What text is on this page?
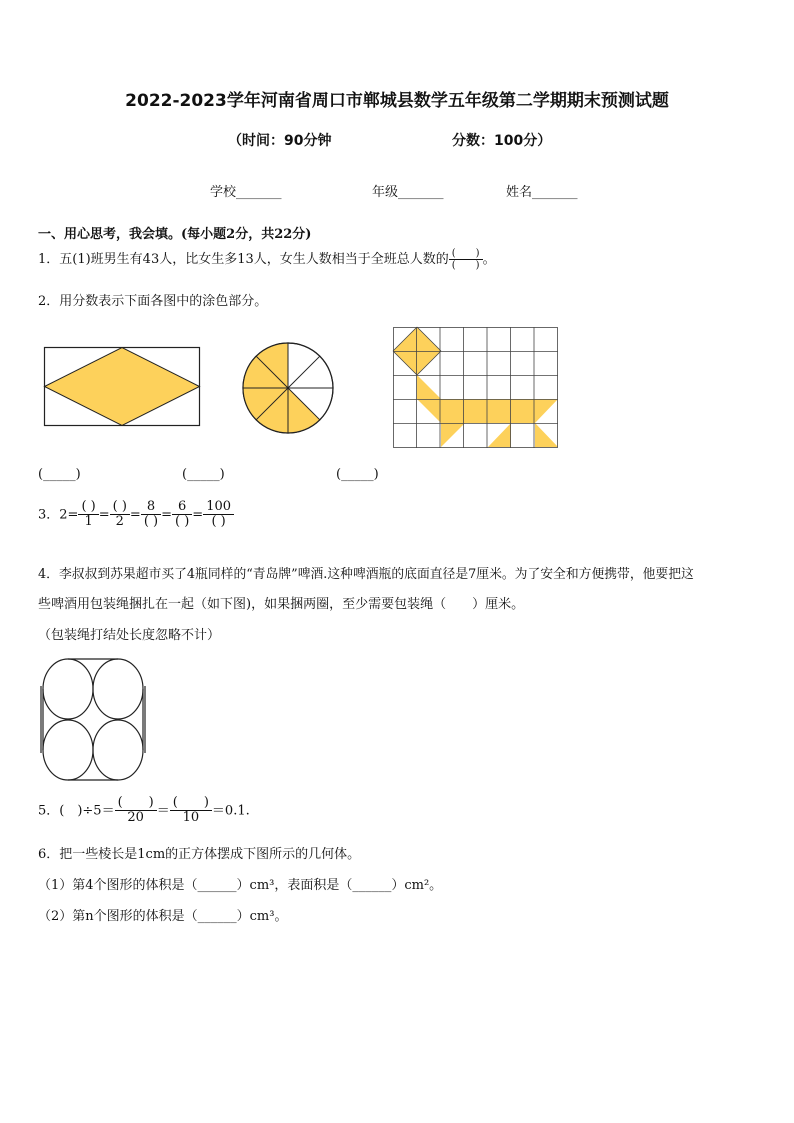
2022-2023学年河南省周口市郸城县数学五年级第二学期期末预测试题
（时间：90分钟	分数：100分）
学校_______	年级_______	姓名_______
一、用心思考，我会填。(每小题2分，共22分)
1．五(1)班男生有43人，比女生多13人，女生人数相当于全班总人数的 $\frac{( )}{( )}$ 。
2．用分数表示下面各图中的涂色部分。
(_____)	(_____)	(_____)
3．$2= \frac{( )}{1} = \frac{( )}{2} = \frac{8}{( )} = \frac{6}{( )} = \frac{100}{( )}$
4．李叔叔到苏果超市买了4瓶同样的“青岛牌”啤酒.这种啤酒瓶的底面直径是7厘米。为了安全和方便携带，他要把这
些啤酒用包装绳捆扎在一起（如下图)，如果捆两圈，至少需要包装绳（　　）厘米。
（包装绳打结处长度忽略不计）
5．(　)$\div 5= \frac{( )}{20} = \frac{( )}{10} =0.1$.
6．把一些棱长是1cm的正方体摆成下图所示的几何体。
（1）第4个图形的体积是（______）cm³，表面积是（______）cm²。
（2）第n个图形的体积是（______）cm³。
